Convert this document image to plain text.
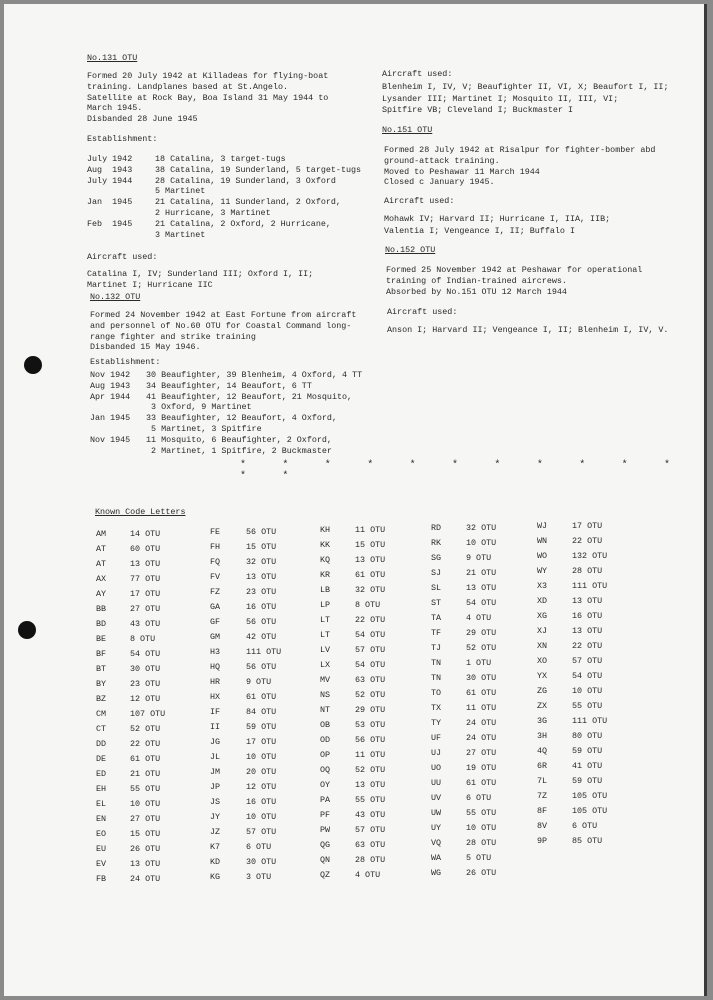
No.131 OTU
Formed 20 July 1942 at Killadeas for flying-boat
training. Landplanes based at St.Angelo.
Satellite at Rock Bay, Boa Island 31 May 1944 to
March 1945.
Disbanded 28 June 1945
Establishment:
July 1942	18 Catalina, 3 target-tugs
Aug  1943	38 Catalina, 19 Sunderland, 5 target-tugs
July 1944	28 Catalina, 19 Sunderland, 3 Oxford
5 Martinet
Jan  1945	21 Catalina, 11 Sunderland, 2 Oxford,
2 Hurricane, 3 Martinet
Feb  1945	21 Catalina, 2 Oxford, 2 Hurricane,
3 Martinet
Aircraft used:
Catalina I, IV; Sunderland III; Oxford I, II;
Martinet I; Hurricane IIC
No.132 OTU
Formed 24 November 1942 at East Fortune from aircraft
and personnel of No.60 OTU for Coastal Command long-
range fighter and strike training
Disbanded 15 May 1946.
Establishment:
Nov 1942	30 Beaufighter, 39 Blenheim, 4 Oxford, 4 TT
Aug 1943	34 Beaufighter, 14 Beaufort, 6 TT
Apr 1944	41 Beaufighter, 12 Beaufort, 21 Mosquito,
3 Oxford, 9 Martinet
Jan 1945	33 Beaufighter, 12 Beaufort, 4 Oxford,
5 Martinet, 3 Spitfire
Nov 1945	11 Mosquito, 6 Beaufighter, 2 Oxford,
2 Martinet, 1 Spitfire, 2 Buckmaster
Aircraft used:
Blenheim I, IV, V; Beaufighter II, VI, X; Beaufort I, II;
Lysander III; Martinet I; Mosquito II, III, VI;
Spitfire VB; Cleveland I; Buckmaster I
No.151 OTU
Formed 28 July 1942 at Risalpur for fighter-bomber abd
ground-attack training.
Moved to Peshawar 11 March 1944
Closed c January 1945.
Aircraft used:
Mohawk IV; Harvard II; Hurricane I, IIA, IIB;
Valentia I; Vengeance I, II; Buffalo I
No.152 OTU
Formed 25 November 1942 at Peshawar for operational
training of Indian-trained aircrews.
Absorbed by No.151 OTU 12 March 1944
Aircraft used:
Anson I; Harvard II; Vengeance I, II; Blenheim I, IV, V.
* * * * * * * * * * * * *
Known Code Letters
AM	14 OTU
AT	60 OTU
AT	13 OTU
AX	77 OTU
AY	17 OTU
BB	27 OTU
BD	43 OTU
BE	8 OTU
BF	54 OTU
BT	30 OTU
BY	23 OTU
BZ	12 OTU
CM	107 OTU
CT	52 OTU
DD	22 OTU
DE	61 OTU
ED	21 OTU
EH	55 OTU
EL	10 OTU
EN	27 OTU
EO	15 OTU
EU	26 OTU
EV	13 OTU
FB	24 OTU
FE	56 OTU
FH	15 OTU
FQ	32 OTU
FV	13 OTU
FZ	23 OTU
GA	16 OTU
GF	56 OTU
GM	42 OTU
H3	111 OTU
HQ	56 OTU
HR	9 OTU
HX	61 OTU
IF	84 OTU
II	59 OTU
JG	17 OTU
JL	10 OTU
JM	20 OTU
JP	12 OTU
JS	16 OTU
JY	10 OTU
JZ	57 OTU
K7	6 OTU
KD	30 OTU
KG	3 OTU
KH	11 OTU
KK	15 OTU
KQ	13 OTU
KR	61 OTU
LB	32 OTU
LP	8 OTU
LT	22 OTU
LT	54 OTU
LV	57 OTU
LX	54 OTU
MV	63 OTU
NS	52 OTU
NT	29 OTU
OB	53 OTU
OD	56 OTU
OP	11 OTU
OQ	52 OTU
OY	13 OTU
PA	55 OTU
PF	43 OTU
PW	57 OTU
QG	63 OTU
QN	28 OTU
QZ	4 OTU
RD	32 OTU
RK	10 OTU
SG	9 OTU
SJ	21 OTU
SL	13 OTU
ST	54 OTU
TA	4 OTU
TF	29 OTU
TJ	52 OTU
TN	1 OTU
TN	30 OTU
TO	61 OTU
TX	11 OTU
TY	24 OTU
UF	24 OTU
UJ	27 OTU
UO	19 OTU
UU	61 OTU
UV	6 OTU
UW	55 OTU
UY	10 OTU
VQ	28 OTU
WA	5 OTU
WG	26 OTU
WJ	17 OTU
WN	22 OTU
WO	132 OTU
WY	28 OTU
X3	111 OTU
XD	13 OTU
XG	16 OTU
XJ	13 OTU
XN	22 OTU
XO	57 OTU
YX	54 OTU
ZG	10 OTU
ZX	55 OTU
3G	111 OTU
3H	80 OTU
4Q	59 OTU
6R	41 OTU
7L	59 OTU
7Z	105 OTU
8F	105 OTU
8V	6 OTU
9P	85 OTU
